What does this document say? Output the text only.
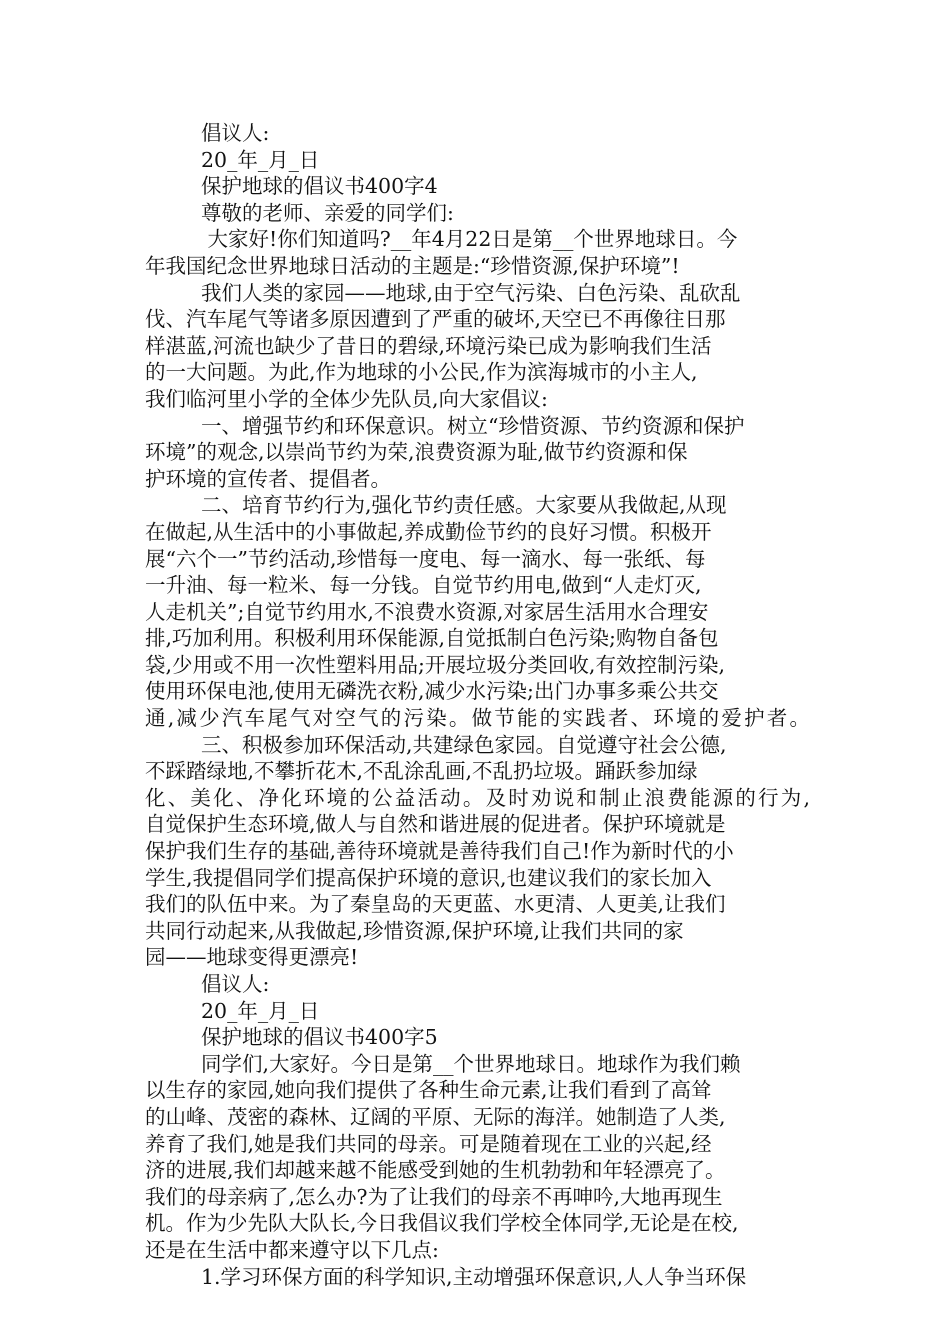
倡议人:
20_年_月_日
保护地球的倡议书400字4
尊敬的老师、亲爱的同学们:
大家好!你们知道吗?__年4月22日是第__个世界地球日。今
年我国纪念世界地球日活动的主题是:“珍惜资源,保护环境”!
我们人类的家园——地球,由于空气污染、白色污染、乱砍乱
伐、汽车尾气等诸多原因遭到了严重的破坏,天空已不再像往日那
样湛蓝,河流也缺少了昔日的碧绿,环境污染已成为影响我们生活
的一大问题。为此,作为地球的小公民,作为滨海城市的小主人,
我们临河里小学的全体少先队员,向大家倡议:
一、增强节约和环保意识。树立“珍惜资源、节约资源和保护
环境”的观念,以崇尚节约为荣,浪费资源为耻,做节约资源和保
护环境的宣传者、提倡者。
二、培育节约行为,强化节约责任感。大家要从我做起,从现
在做起,从生活中的小事做起,养成勤俭节约的良好习惯。积极开
展“六个一”节约活动,珍惜每一度电、每一滴水、每一张纸、每
一升油、每一粒米、每一分钱。自觉节约用电,做到“人走灯灭,
人走机关”;自觉节约用水,不浪费水资源,对家居生活用水合理安
排,巧加利用。积极利用环保能源,自觉抵制白色污染;购物自备包
袋,少用或不用一次性塑料用品;开展垃圾分类回收,有效控制污染,
使用环保电池,使用无磷洗衣粉,减少水污染;出门办事多乘公共交
通,减少汽车尾气对空气的污染。做节能的实践者、环境的爱护者。
三、积极参加环保活动,共建绿色家园。自觉遵守社会公德,
不踩踏绿地,不攀折花木,不乱涂乱画,不乱扔垃圾。踊跃参加绿
化、美化、净化环境的公益活动。及时劝说和制止浪费能源的行为,
自觉保护生态环境,做人与自然和谐进展的促进者。保护环境就是
保护我们生存的基础,善待环境就是善待我们自己!作为新时代的小
学生,我提倡同学们提高保护环境的意识,也建议我们的家长加入
我们的队伍中来。为了秦皇岛的天更蓝、水更清、人更美,让我们
共同行动起来,从我做起,珍惜资源,保护环境,让我们共同的家
园——地球变得更漂亮!
倡议人:
20_年_月_日
保护地球的倡议书400字5
同学们,大家好。今日是第__个世界地球日。地球作为我们赖
以生存的家园,她向我们提供了各种生命元素,让我们看到了高耸
的山峰、茂密的森林、辽阔的平原、无际的海洋。她制造了人类,
养育了我们,她是我们共同的母亲。可是随着现在工业的兴起,经
济的进展,我们却越来越不能感受到她的生机勃勃和年轻漂亮了。
我们的母亲病了,怎么办?为了让我们的母亲不再呻吟,大地再现生
机。作为少先队大队长,今日我倡议我们学校全体同学,无论是在校,
还是在生活中都来遵守以下几点:
1.学习环保方面的科学知识,主动增强环保意识,人人争当环保
